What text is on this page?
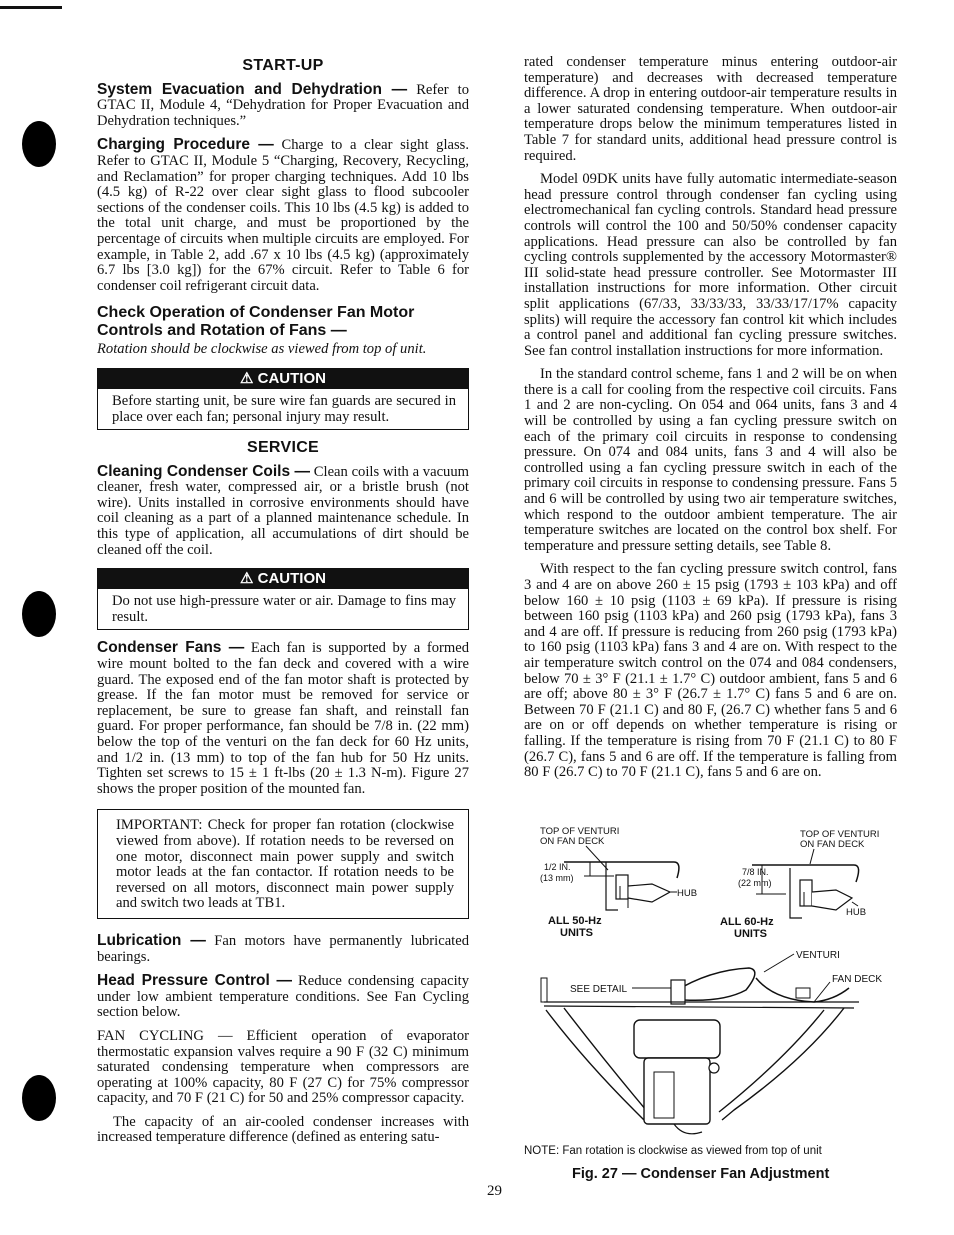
START-UP

System Evacuation and Dehydration — Refer to GTAC II, Module 4, “Dehydration for Proper Evacuation and Dehydration techniques.”

Charging Procedure — Charge to a clear sight glass. Refer to GTAC II, Module 5 “Charging, Recovery, Recycling, and Reclamation” for proper charging techniques. Add 10 lbs (4.5 kg) of R-22 over clear sight glass to flood subcooler sections of the condenser coils. This 10 lbs (4.5 kg) is added to the total unit charge, and must be proportioned by the percentage of circuits when multiple circuits are employed. For example, in Table 2, add .67 x 10 lbs (4.5 kg) (approximately 6.7 lbs [3.0 kg]) for the 67% circuit. Refer to Table 6 for condenser coil refrigerant circuit data.

Check Operation of Condenser Fan Motor Controls and Rotation of Fans —
Rotation should be clockwise as viewed from top of unit.
⚠ CAUTION
Before starting unit, be sure wire fan guards are secured in place over each fan; personal injury may result.
SERVICE

Cleaning Condenser Coils — Clean coils with a vacuum cleaner, fresh water, compressed air, or a bristle brush (not wire). Units installed in corrosive environments should have coil cleaning as a part of a planned maintenance schedule. In this type of application, all accumulations of dirt should be cleaned off the coil.

⚠ CAUTION
Do not use high-pressure water or air. Damage to fins may result.

Condenser Fans — Each fan is supported by a formed wire mount bolted to the fan deck and covered with a wire guard. The exposed end of the fan motor shaft is protected by grease. If the fan motor must be removed for service or replacement, be sure to grease fan shaft, and reinstall fan guard. For proper performance, fan should be 7/8 in. (22 mm) below the top of the venturi on the fan deck for 60 Hz units, and 1/2 in. (13 mm) to top of the fan hub for 50 Hz units. Tighten set screws to 15 ± 1 ft-lbs (20 ± 1.3 N-m). Figure 27 shows the proper position of the mounted fan.

IMPORTANT: Check for proper fan rotation (clockwise viewed from above). If rotation needs to be reversed on one motor, disconnect main power supply and switch motor leads at the fan contactor. If rotation needs to be reversed on all motors, disconnect main power supply and switch two leads at TB1.

Lubrication — Fan motors have permanently lubricated bearings.

Head Pressure Control — Reduce condensing capacity under low ambient temperature conditions. See Fan Cycling section below.

FAN CYCLING — Efficient operation of evaporator thermostatic expansion valves require a 90 F (32 C) minimum saturated condensing temperature when compressors are operating at 100% capacity, 80 F (27 C) for 75% compressor capacity, and 70 F (21 C) for 50 and 25% compressor capacity.

The capacity of an air-cooled condenser increases with increased temperature difference (defined as entering satu-

rated condenser temperature minus entering outdoor-air temperature) and decreases with decreased temperature difference. A drop in entering outdoor-air temperature results in a lower saturated condensing temperature. When outdoor-air temperature drops below the minimum temperatures listed in Table 7 for standard units, additional head pressure control is required.

Model 09DK units have fully automatic intermediate-season head pressure control through condenser fan cycling using electromechanical fan cycling controls. Standard head pressure controls will control the 100 and 50/50% condenser capacity applications. Head pressure can also be controlled by fan cycling controls supplemented by the accessory Motormaster® III solid-state head pressure controller. See Motormaster III installation instructions for more information. Other circuit split applications (67/33, 33/33/33, 33/33/17/17% capacity splits) will require the accessory fan control kit which includes a control panel and additional fan cycling pressure switches. See fan control installation instructions for more information.

In the standard control scheme, fans 1 and 2 will be on when there is a call for cooling from the respective coil circuits. Fans 1 and 2 are non-cycling. On 054 and 064 units, fans 3 and 4 will be controlled by using a fan cycling pressure switch on each of the primary coil circuits in response to condensing pressure. On 074 and 084 units, fans 3 and 4 will also be controlled using a fan cycling pressure switch in each of the primary coil circuits in response to condensing pressure. Fans 5 and 6 will be controlled by using two air temperature switches, which respond to the outdoor ambient temperature. The air temperature switches are located on the control box shelf. For temperature and pressure setting details, see Table 8.

With respect to the fan cycling pressure switch control, fans 3 and 4 are on above 260 ± 15 psig (1793 ± 103 kPa) and off below 160 ± 10 psig (1103 ± 69 kPa). If pressure is rising between 160 psig (1103 kPa) and 260 psig (1793 kPa), fans 3 and 4 are off. If pressure is reducing from 260 psig (1793 kPa) to 160 psig (1103 kPa) fans 3 and 4 are on. With respect to the air temperature switch control on the 074 and 084 condensers, below 70 ± 3° F (21.1 ± 1.7° C) outdoor ambient, fans 5 and 6 are off; above 80 ± 3° F (26.7 ± 1.7° C) fans 5 and 6 are on. Between 70 F (21.1 C) and 80 F, (26.7 C) whether fans 5 and 6 are on or off depends on whether temperature is rising or falling. If the temperature is rising from 70 F (21.1 C) to 80 F (26.7 C), fans 5 and 6 are off. If the temperature is falling from 80 F (26.7 C) to 70 F (21.1 C), fans 5 and 6 are on.

TOP OF VENTURI
ON FAN DECK
1/2 IN.
(13 mm)
HUB
ALL 50-Hz
UNITS
TOP OF VENTURI
ON FAN DECK
7/8 IN.
(22 mm)
HUB
ALL 60-Hz
UNITS
VENTURI
FAN DECK
SEE DETAIL
NOTE: Fan rotation is clockwise as viewed from top of unit
Fig. 27 — Condenser Fan Adjustment
29
